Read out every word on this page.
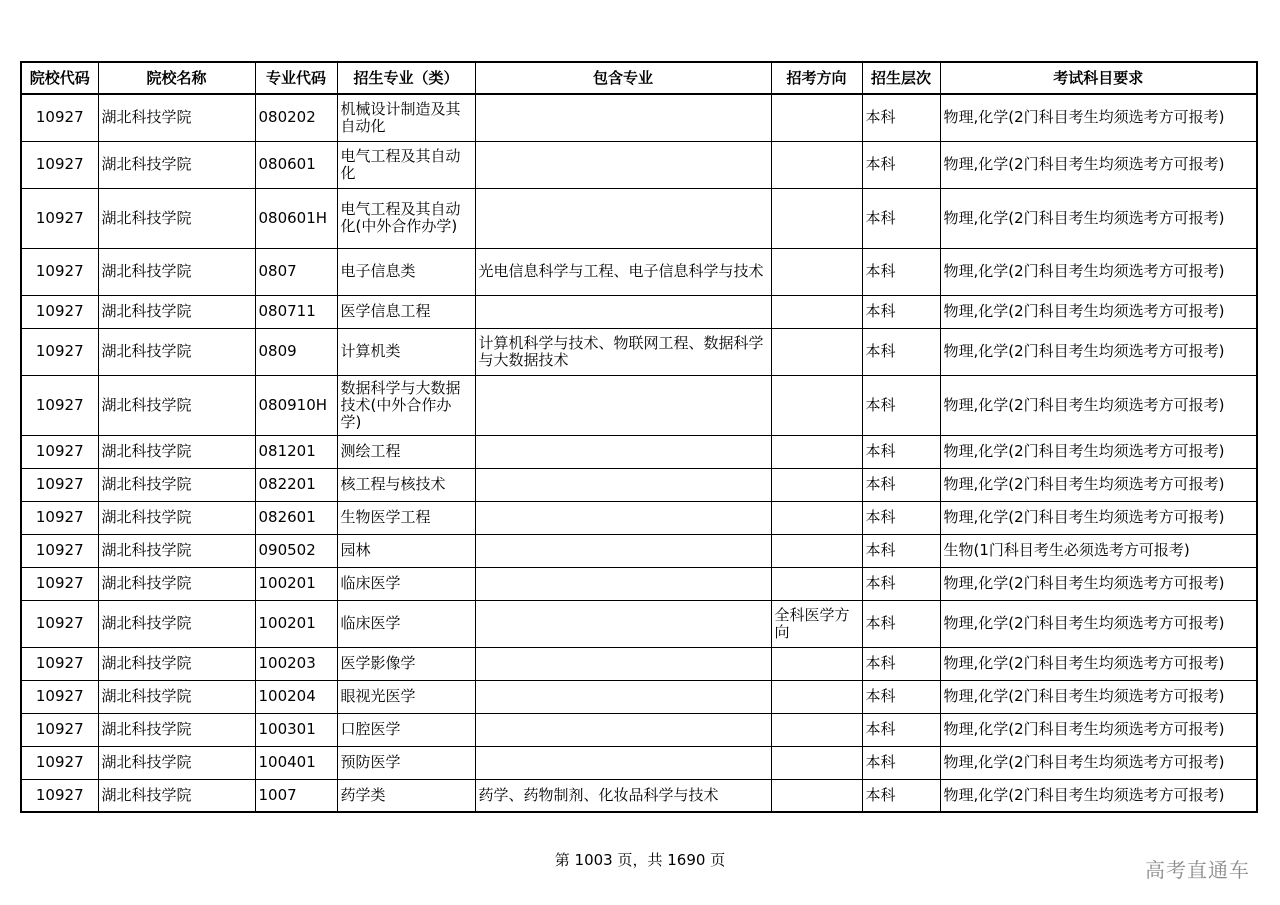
院校代码	院校名称	专业代码	招生专业（类）	包含专业	招考方向	招生层次	考试科目要求
10927	湖北科技学院	080202	机械设计制造及其自动化			本科	物理,化学(2门科目考生均须选考方可报考)
10927	湖北科技学院	080601	电气工程及其自动化			本科	物理,化学(2门科目考生均须选考方可报考)
10927	湖北科技学院	080601H	电气工程及其自动化(中外合作办学)			本科	物理,化学(2门科目考生均须选考方可报考)
10927	湖北科技学院	0807	电子信息类	光电信息科学与工程、电子信息科学与技术		本科	物理,化学(2门科目考生均须选考方可报考)
10927	湖北科技学院	080711	医学信息工程			本科	物理,化学(2门科目考生均须选考方可报考)
10927	湖北科技学院	0809	计算机类	计算机科学与技术、物联网工程、数据科学与大数据技术		本科	物理,化学(2门科目考生均须选考方可报考)
10927	湖北科技学院	080910H	数据科学与大数据技术(中外合作办学)			本科	物理,化学(2门科目考生均须选考方可报考)
10927	湖北科技学院	081201	测绘工程			本科	物理,化学(2门科目考生均须选考方可报考)
10927	湖北科技学院	082201	核工程与核技术			本科	物理,化学(2门科目考生均须选考方可报考)
10927	湖北科技学院	082601	生物医学工程			本科	物理,化学(2门科目考生均须选考方可报考)
10927	湖北科技学院	090502	园林			本科	生物(1门科目考生必须选考方可报考)
10927	湖北科技学院	100201	临床医学			本科	物理,化学(2门科目考生均须选考方可报考)
10927	湖北科技学院	100201	临床医学		全科医学方向	本科	物理,化学(2门科目考生均须选考方可报考)
10927	湖北科技学院	100203	医学影像学			本科	物理,化学(2门科目考生均须选考方可报考)
10927	湖北科技学院	100204	眼视光医学			本科	物理,化学(2门科目考生均须选考方可报考)
10927	湖北科技学院	100301	口腔医学			本科	物理,化学(2门科目考生均须选考方可报考)
10927	湖北科技学院	100401	预防医学			本科	物理,化学(2门科目考生均须选考方可报考)
10927	湖北科技学院	1007	药学类	药学、药物制剂、化妆品科学与技术		本科	物理,化学(2门科目考生均须选考方可报考)
第 1003 页，共 1690 页	高考直通车
